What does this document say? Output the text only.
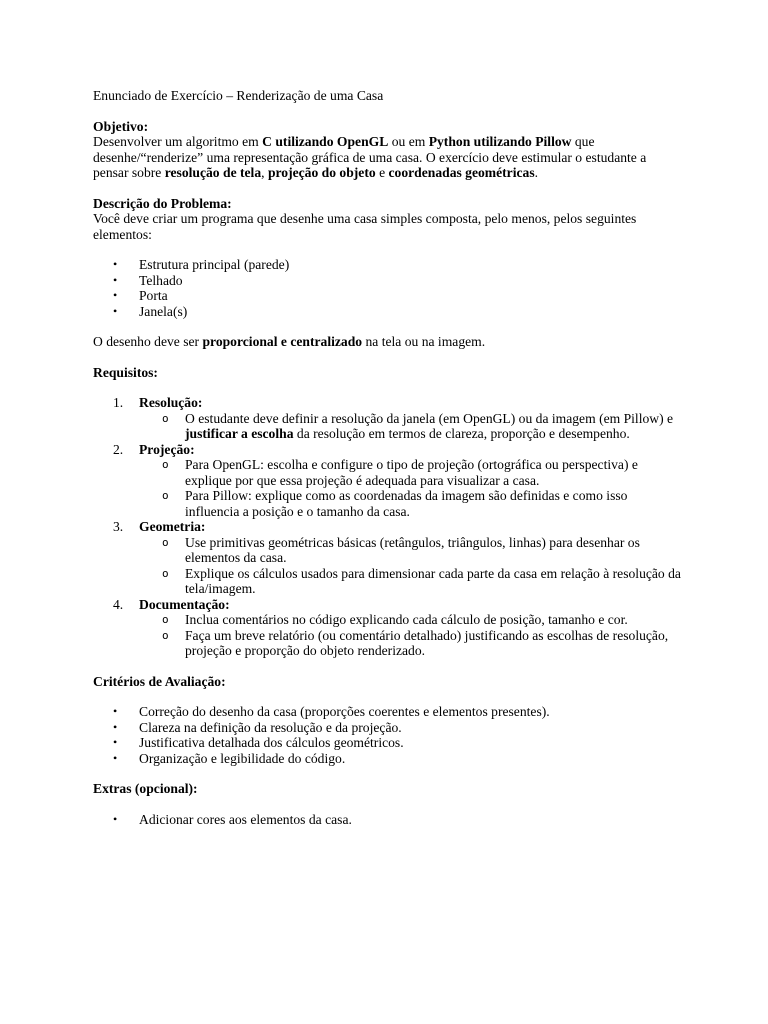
Enunciado de Exercício – Renderização de uma Casa

Objetivo:

Desenvolver um algoritmo em C utilizando OpenGL ou em Python utilizando Pillow que desenhe/“renderize” uma representação gráfica de uma casa. O exercício deve estimular o estudante a pensar sobre resolução de tela, projeção do objeto e coordenadas geométricas.

Descrição do Problema:

Você deve criar um programa que desenhe uma casa simples composta, pelo menos, pelos seguintes elementos:

• Estrutura principal (parede)
• Telhado
• Porta
• Janela(s)

O desenho deve ser proporcional e centralizado na tela ou na imagem.

Requisitos:

1. Resolução:
o O estudante deve definir a resolução da janela (em OpenGL) ou da imagem (em Pillow) e justificar a escolha da resolução em termos de clareza, proporção e desempenho.
2. Projeção:
o Para OpenGL: escolha e configure o tipo de projeção (ortográfica ou perspectiva) e explique por que essa projeção é adequada para visualizar a casa.
o Para Pillow: explique como as coordenadas da imagem são definidas e como isso influencia a posição e o tamanho da casa.
3. Geometria:
o Use primitivas geométricas básicas (retângulos, triângulos, linhas) para desenhar os elementos da casa.
o Explique os cálculos usados para dimensionar cada parte da casa em relação à resolução da tela/imagem.
4. Documentação:
o Inclua comentários no código explicando cada cálculo de posição, tamanho e cor.
o Faça um breve relatório (ou comentário detalhado) justificando as escolhas de resolução, projeção e proporção do objeto renderizado.

Critérios de Avaliação:

• Correção do desenho da casa (proporções coerentes e elementos presentes).
• Clareza na definição da resolução e da projeção.
• Justificativa detalhada dos cálculos geométricos.
• Organização e legibilidade do código.

Extras (opcional):

• Adicionar cores aos elementos da casa.
